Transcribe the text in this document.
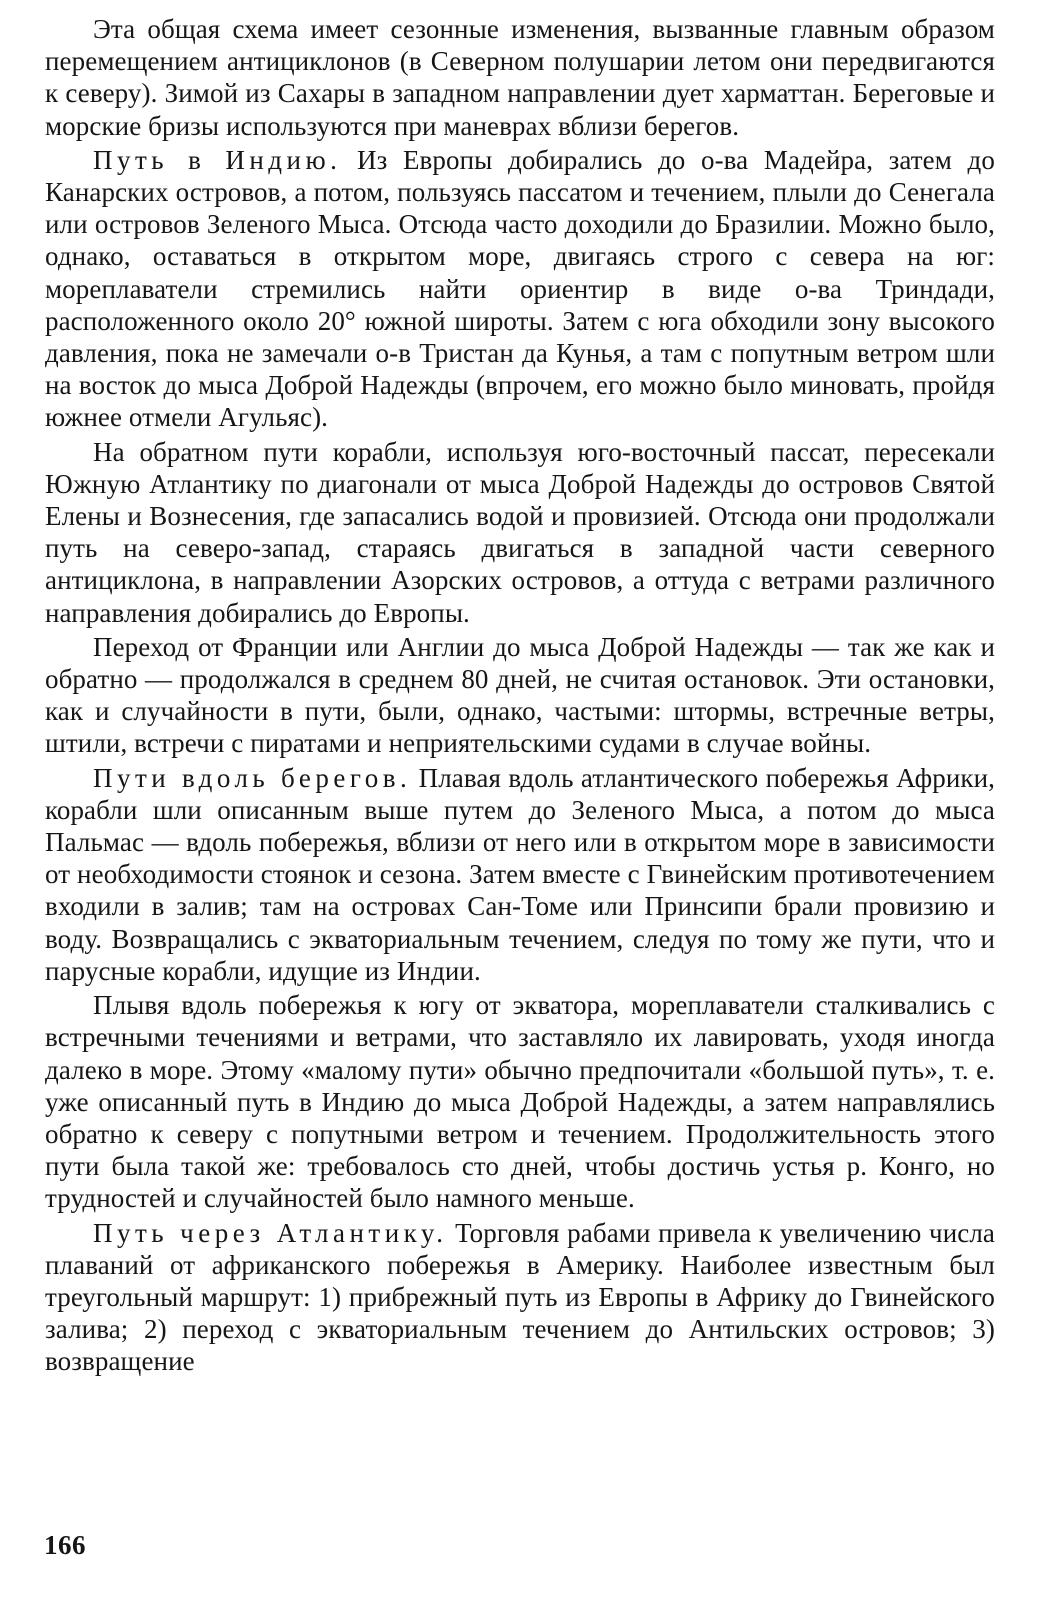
Эта общая схема имеет сезонные изменения, вызванные главным образом перемещением антициклонов (в Северном полушарии летом они передвигаются к северу). Зимой из Сахары в западном направлении дует харматтан. Береговые и морские бризы используются при маневрах вблизи берегов.

Путь в Индию. Из Европы добирались до о-ва Мадейра, затем до Канарских островов, а потом, пользуясь пассатом и течением, плыли до Сенегала или островов Зеленого Мыса. Отсюда часто доходили до Бразилии. Можно было, однако, оставаться в открытом море, двигаясь строго с севера на юг: мореплаватели стремились найти ориентир в виде о-ва Триндади, расположенного около 20° южной широты. Затем с юга обходили зону высокого давления, пока не замечали о-в Тристан да Кунья, а там с попутным ветром шли на восток до мыса Доброй Надежды (впрочем, его можно было миновать, пройдя южнее отмели Агульяс).

На обратном пути корабли, используя юго-восточный пассат, пересекали Южную Атлантику по диагонали от мыса Доброй Надежды до островов Святой Елены и Вознесения, где запасались водой и провизией. Отсюда они продолжали путь на северо-запад, стараясь двигаться в западной части северного антициклона, в направлении Азорских островов, а оттуда с ветрами различного направления добирались до Европы.

Переход от Франции или Англии до мыса Доброй Надежды — так же как и обратно — продолжался в среднем 80 дней, не считая остановок. Эти остановки, как и случайности в пути, были, однако, частыми: штормы, встречные ветры, штили, встречи с пиратами и неприятельскими судами в случае войны.

Пути вдоль берегов. Плавая вдоль атлантического побережья Африки, корабли шли описанным выше путем до Зеленого Мыса, а потом до мыса Пальмас — вдоль побережья, вблизи от него или в открытом море в зависимости от необходимости стоянок и сезона. Затем вместе с Гвинейским противотечением входили в залив; там на островах Сан-Томе или Принсипи брали провизию и воду. Возвращались с экваториальным течением, следуя по тому же пути, что и парусные корабли, идущие из Индии.

Плывя вдоль побережья к югу от экватора, мореплаватели сталкивались с встречными течениями и ветрами, что заставляло их лавировать, уходя иногда далеко в море. Этому «малому пути» обычно предпочитали «большой путь», т. е. уже описанный путь в Индию до мыса Доброй Надежды, а затем направлялись обратно к северу с попутными ветром и течением. Продолжительность этого пути была такой же: требовалось сто дней, чтобы достичь устья р. Конго, но трудностей и случайностей было намного меньше.

Путь через Атлантику. Торговля рабами привела к увеличению числа плаваний от африканского побережья в Америку. Наиболее известным был треугольный маршрут: 1) прибрежный путь из Европы в Африку до Гвинейского залива; 2) переход с экваториальным течением до Антильских островов; 3) возвращение

166
